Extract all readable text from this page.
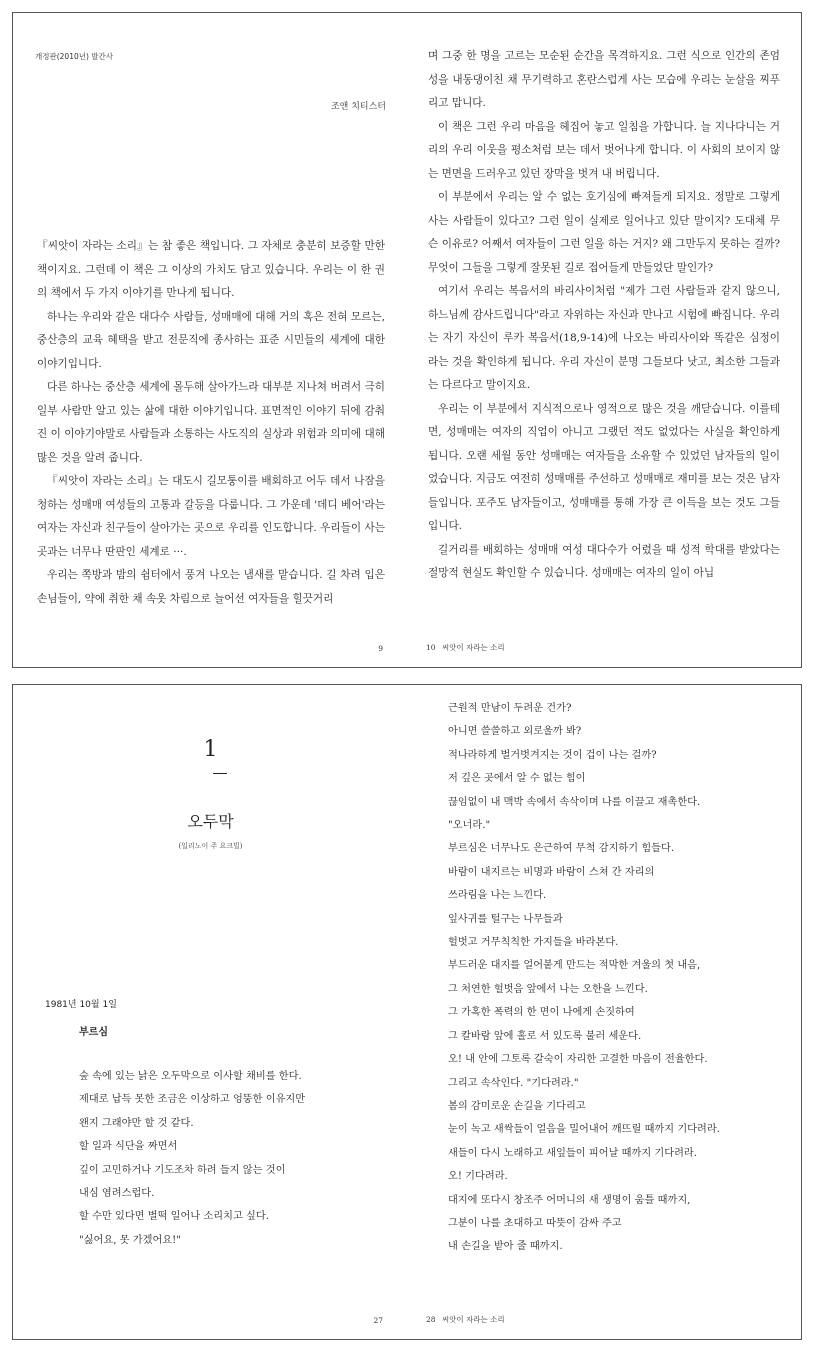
개정판(2010년) 발간사
조앤 치티스터

『씨앗이 자라는 소리』는 참 좋은 책입니다. 그 자체로 충분히 보증할 만한 책이지요. 그런데 이 책은 그 이상의 가치도 담고 있습니다. 우리는 이 한 권의 책에서 두 가지 이야기를 만나게 됩니다.

하나는 우리와 같은 대다수 사람들, 성매매에 대해 거의 혹은 전혀 모르는, 중산층의 교육 혜택을 받고 전문직에 종사하는 표준 시민들의 세계에 대한 이야기입니다.

다른 하나는 중산층 세계에 몰두해 살아가느라 대부분 지나쳐 버려서 극히 일부 사람만 알고 있는 삶에 대한 이야기입니다. 표면적인 이야기 뒤에 감춰진 이 이야기야말로 사람들과 소통하는 사도직의 실상과 위험과 의미에 대해 많은 것을 알려 줍니다.

『씨앗이 자라는 소리』는 대도시 길모퉁이를 배회하고 어두 데서 나잠을 청하는 성매매 여성들의 고통과 갈등을 다룹니다. 그 가운데 '데디 베어'라는 여자는 자신과 친구들이 살아가는 곳으로 우리를 인도합니다. 우리들이 사는 곳과는 너무나 딴판인 세계로 ···.

우리는 쪽방과 밤의 쉼터에서 풍겨 나오는 냄새를 맡습니다. 길 차려 입은 손님들이, 약에 취한 채 속옷 차림으로 늘어선 여자들을 힐끗거리

9

며 그중 한 명을 고르는 모순된 순간을 목격하지요. 그런 식으로 인간의 존엄성을 내동댕이친 채 무기력하고 혼란스럽게 사는 모습에 우리는 눈살을 찌푸리고 맙니다.

이 책은 그런 우리 마음을 헤집어 놓고 일침을 가합니다. 늘 지나다니는 거리의 우리 이웃을 평소처럼 보는 데서 벗어나게 합니다. 이 사회의 보이지 않는 면면을 드러우고 있던 장막을 벗겨 내 버립니다.

이 부분에서 우리는 알 수 없는 호기심에 빠져들게 되지요. 정말로 그렇게 사는 사람들이 있다고? 그런 일이 실제로 일어나고 있단 말이지? 도대체 무슨 이유로? 어째서 여자들이 그런 일을 하는 거지? 왜 그만두지 못하는 걸까? 무엇이 그들을 그렇게 잘못된 길로 접어들게 만들었단 말인가?

여기서 우리는 복음서의 바리사이처럼 "제가 그런 사람들과 같지 않으니, 하느님께 감사드립니다"라고 자위하는 자신과 만나고 시험에 빠집니다. 우리는 자기 자신이 루카 복음서(18,9-14)에 나오는 바리사이와 똑같은 심정이라는 것을 확인하게 됩니다. 우리 자신이 분명 그들보다 낫고, 최소한 그들과는 다르다고 말이지요.

우리는 이 부분에서 지식적으로나 영적으로 많은 것을 깨닫습니다. 이를테면, 성매매는 여자의 직업이 아니고 그랬던 적도 없었다는 사실을 확인하게 됩니다. 오랜 세월 동안 성매매는 여자들을 소유할 수 있었던 남자들의 일이었습니다. 지금도 여전히 성매매를 주선하고 성매매로 재미를 보는 것은 남자들입니다. 포주도 남자들이고, 성매매를 통해 가장 큰 이득을 보는 것도 그들입니다.

길거리를 배회하는 성매매 여성 대다수가 어렸을 때 성적 학대를 받았다는 절망적 현실도 확인할 수 있습니다. 성매매는 여자의 일이 아닙

10 씨앗이 자라는 소리
1
오두막
(일리노이 주 요크빌)
1981년 10월 1일
부르심
숲 속에 있는 낡은 오두막으로 이사할 채비를 한다.
제대로 납득 못한 조금은 이상하고 엉뚱한 이유지만
왠지 그래야만 할 것 같다.
할 일과 식단을 짜면서
깊이 고민하거나 기도조차 하려 들지 않는 것이
내심 염려스럽다.
할 수만 있다면 벌떡 일어나 소리치고 싶다.
"싫어요, 못 가겠어요!"
27
근원적 만남이 두려운 건가?
아니면 쓸쓸하고 외로울까 봐?
적나라하게 벌거벗겨지는 것이 겁이 나는 걸까?
저 깊은 곳에서 알 수 없는 힘이
끊임없이 내 맥박 속에서 속삭이며 나를 이끌고 재촉한다.
"오너라."
부르심은 너무나도 은근하여 무척 감지하기 힘들다.
바람이 내지르는 비명과 바람이 스쳐 간 자리의
쓰라림을 나는 느낀다.
잎사귀를 털구는 나무들과
헐벗고 거무칙칙한 가지들을 바라본다.
부드러운 대지를 얼어붙게 만드는 적막한 겨울의 첫 내음,
그 처연한 헐벗음 앞에서 나는 오한을 느낀다.
그 가혹한 폭력의 한 면이 나에게 손짓하여
그 칼바람 앞에 홀로 서 있도록 불러 세운다.
오! 내 안에 그토록 갈숙이 자리한 고결한 마음이 전율한다.
그리고 속삭인다. "기다려라."
봄의 감미로운 손길을 기다리고
눈이 녹고 새싹들이 얼음을 밀어내어 깨뜨릴 때까지 기다려라.
새들이 다시 노래하고 새잎들이 피어날 때까지 기다려라.
오! 기다려라.
대지에 또다시 창조주 어머니의 새 생명이 움틀 때까지,
그분이 나를 초대하고 따뜻이 감싸 주고
내 손길을 받아 줄 때까지.
28 씨앗이 자라는 소리
